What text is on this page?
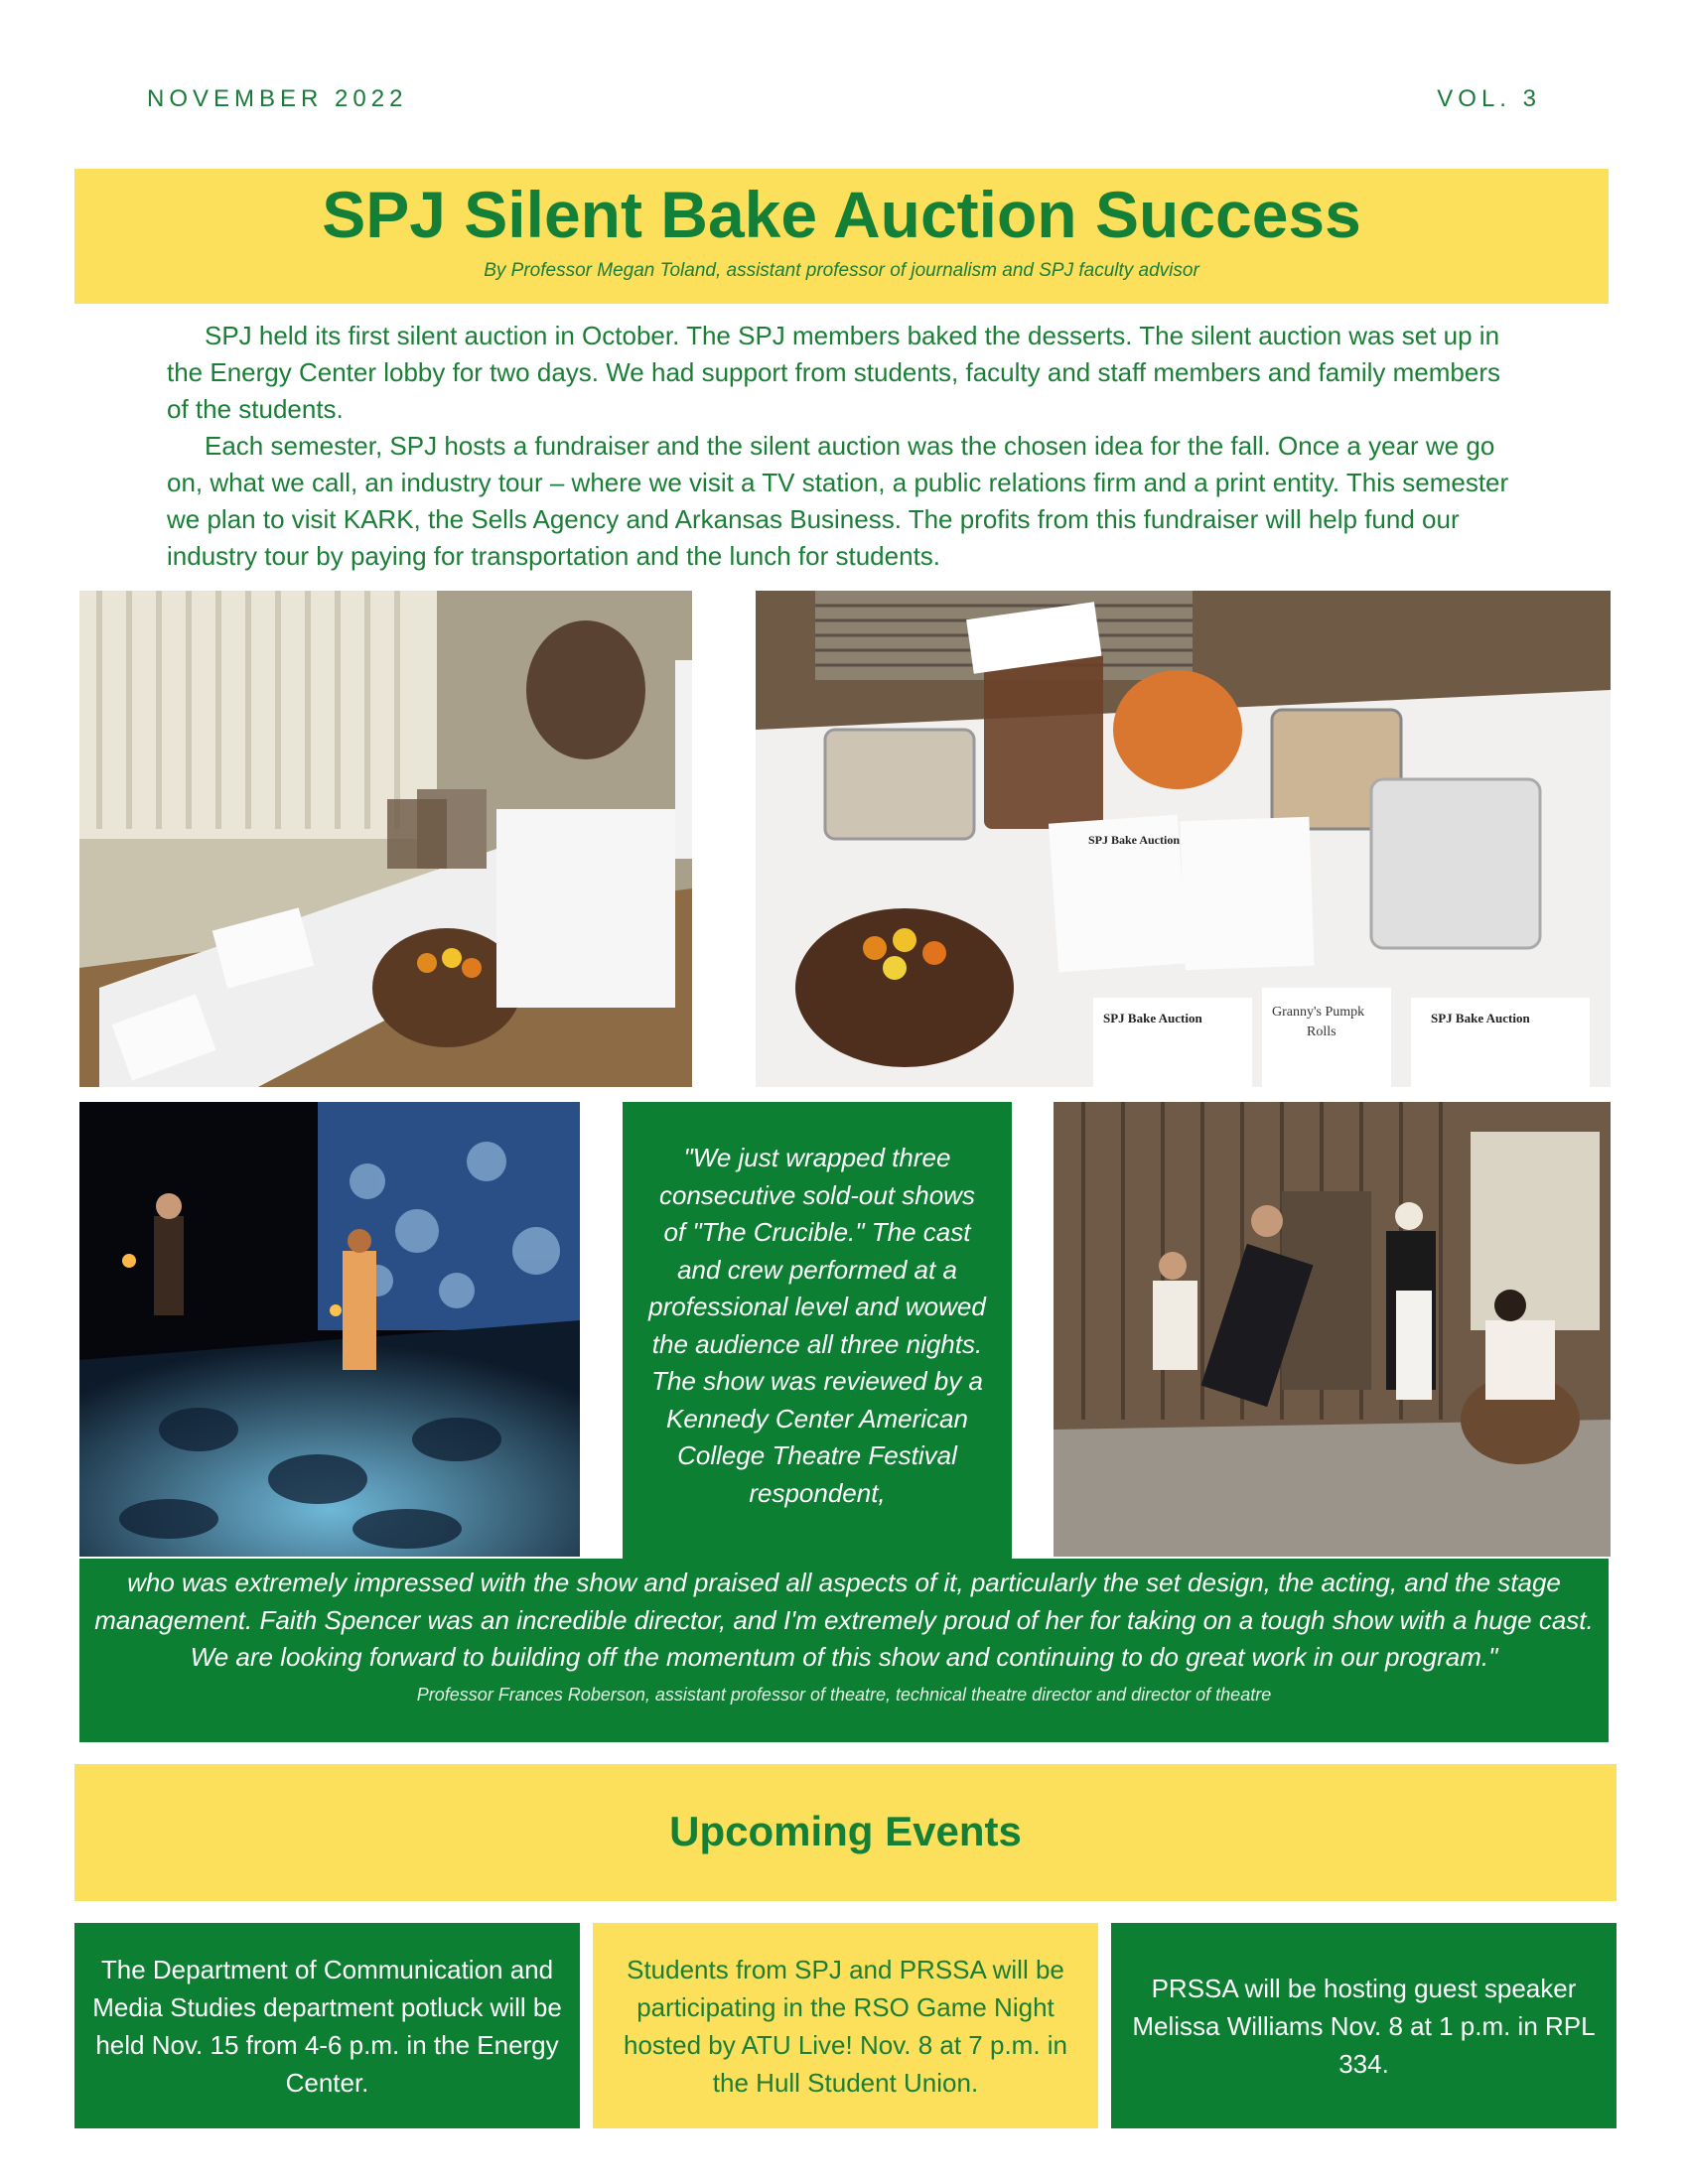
NOVEMBER 2022	VOL. 3
SPJ Silent Bake Auction Success
By Professor Megan Toland, assistant professor of journalism and SPJ faculty advisor

SPJ held its first silent auction in October. The SPJ members baked the desserts. The silent auction was set up in the Energy Center lobby for two days. We had support from students, faculty and staff members and family members of the students.

Each semester, SPJ hosts a fundraiser and the silent auction was the chosen idea for the fall. Once a year we go on, what we call, an industry tour – where we visit a TV station, a public relations firm and a print entity. This semester we plan to visit KARK, the Sells Agency and Arkansas Business. The profits from this fundraiser will help fund our industry tour by paying for transportation and the lunch for students.

SPJ Bake Auction
SPJ Bake Auction
SPJ Bake Auction
Granny's Pumpk
Rolls
"We just wrapped three consecutive sold-out shows of "The Crucible." The cast and crew performed at a professional level and wowed the audience all three nights. The show was reviewed by a Kennedy Center American College Theatre Festival respondent,
who was extremely impressed with the show and praised all aspects of it, particularly the set design, the acting, and the stage management. Faith Spencer was an incredible director, and I'm extremely proud of her for taking on a tough show with a huge cast. We are looking forward to building off the momentum of this show and continuing to do great work in our program."
Professor Frances Roberson, assistant professor of theatre, technical theatre director and director of theatre
Upcoming Events
The Department of Communication and Media Studies department potluck will be held Nov. 15 from 4-6 p.m. in the Energy Center.
Students from SPJ and PRSSA will be participating in the RSO Game Night hosted by ATU Live! Nov. 8 at 7 p.m. in the Hull Student Union.
PRSSA will be hosting guest speaker Melissa Williams Nov. 8 at 1 p.m. in RPL 334.
